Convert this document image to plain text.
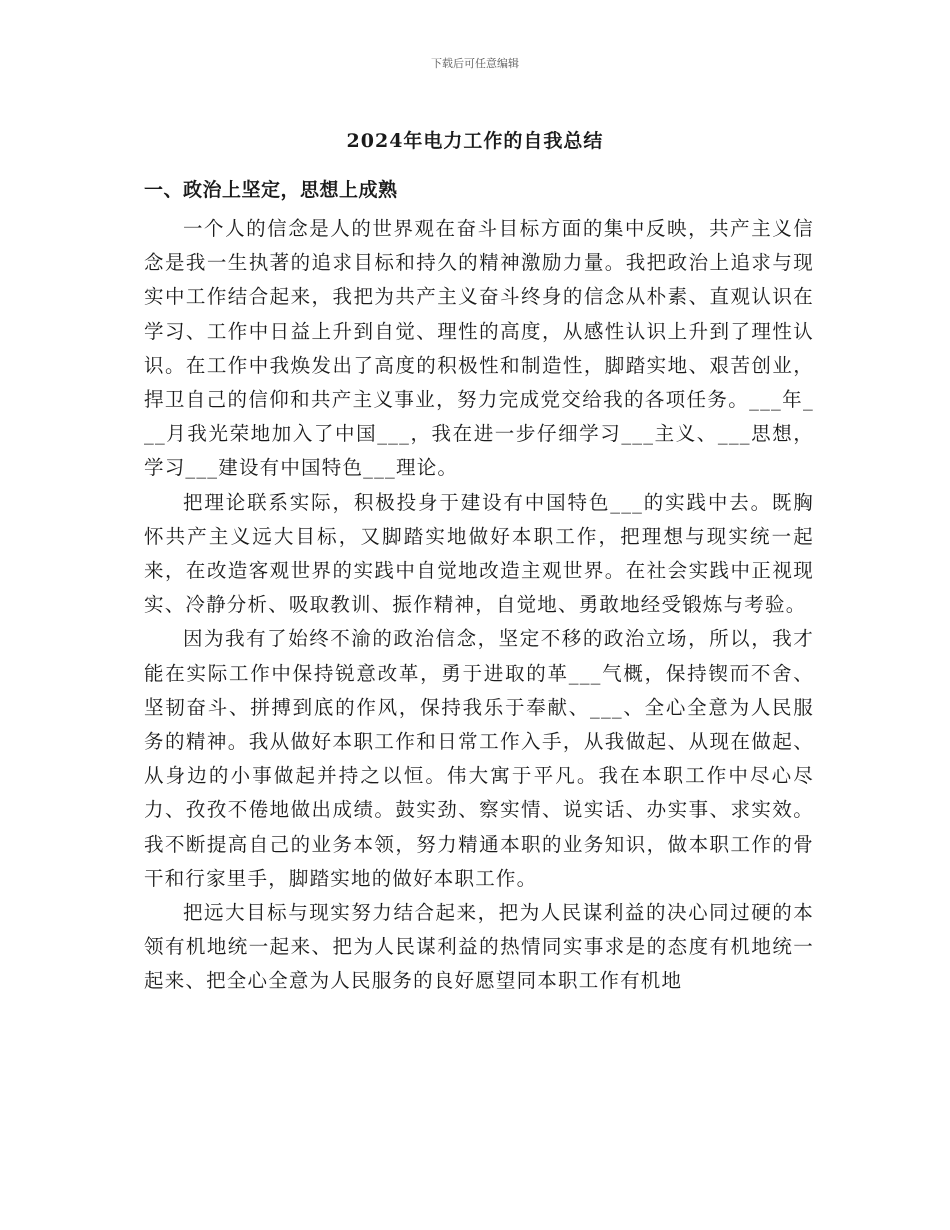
下载后可任意编辑
2024年电力工作的自我总结
一、政治上坚定，思想上成熟

一个人的信念是人的世界观在奋斗目标方面的集中反映，共产主义信念是我一生执著的追求目标和持久的精神激励力量。我把政治上追求与现实中工作结合起来，我把为共产主义奋斗终身的信念从朴素、直观认识在学习、工作中日益上升到自觉、理性的高度，从感性认识上升到了理性认识。在工作中我焕发出了高度的积极性和制造性，脚踏实地、艰苦创业，捍卫自己的信仰和共产主义事业，努力完成党交给我的各项任务。___年___月我光荣地加入了中国___，我在进一步仔细学习___主义、___思想，学习___建设有中国特色___理论。

把理论联系实际，积极投身于建设有中国特色___的实践中去。既胸怀共产主义远大目标，又脚踏实地做好本职工作，把理想与现实统一起来，在改造客观世界的实践中自觉地改造主观世界。在社会实践中正视现实、冷静分析、吸取教训、振作精神，自觉地、勇敢地经受锻炼与考验。

因为我有了始终不渝的政治信念，坚定不移的政治立场，所以，我才能在实际工作中保持锐意改革，勇于进取的革___气概，保持锲而不舍、坚韧奋斗、拼搏到底的作风，保持我乐于奉献、___、全心全意为人民服务的精神。我从做好本职工作和日常工作入手，从我做起、从现在做起、从身边的小事做起并持之以恒。伟大寓于平凡。我在本职工作中尽心尽力、孜孜不倦地做出成绩。鼓实劲、察实情、说实话、办实事、求实效。我不断提高自己的业务本领，努力精通本职的业务知识，做本职工作的骨干和行家里手，脚踏实地的做好本职工作。

把远大目标与现实努力结合起来，把为人民谋利益的决心同过硬的本领有机地统一起来、把为人民谋利益的热情同实事求是的态度有机地统一起来、把全心全意为人民服务的良好愿望同本职工作有机地
